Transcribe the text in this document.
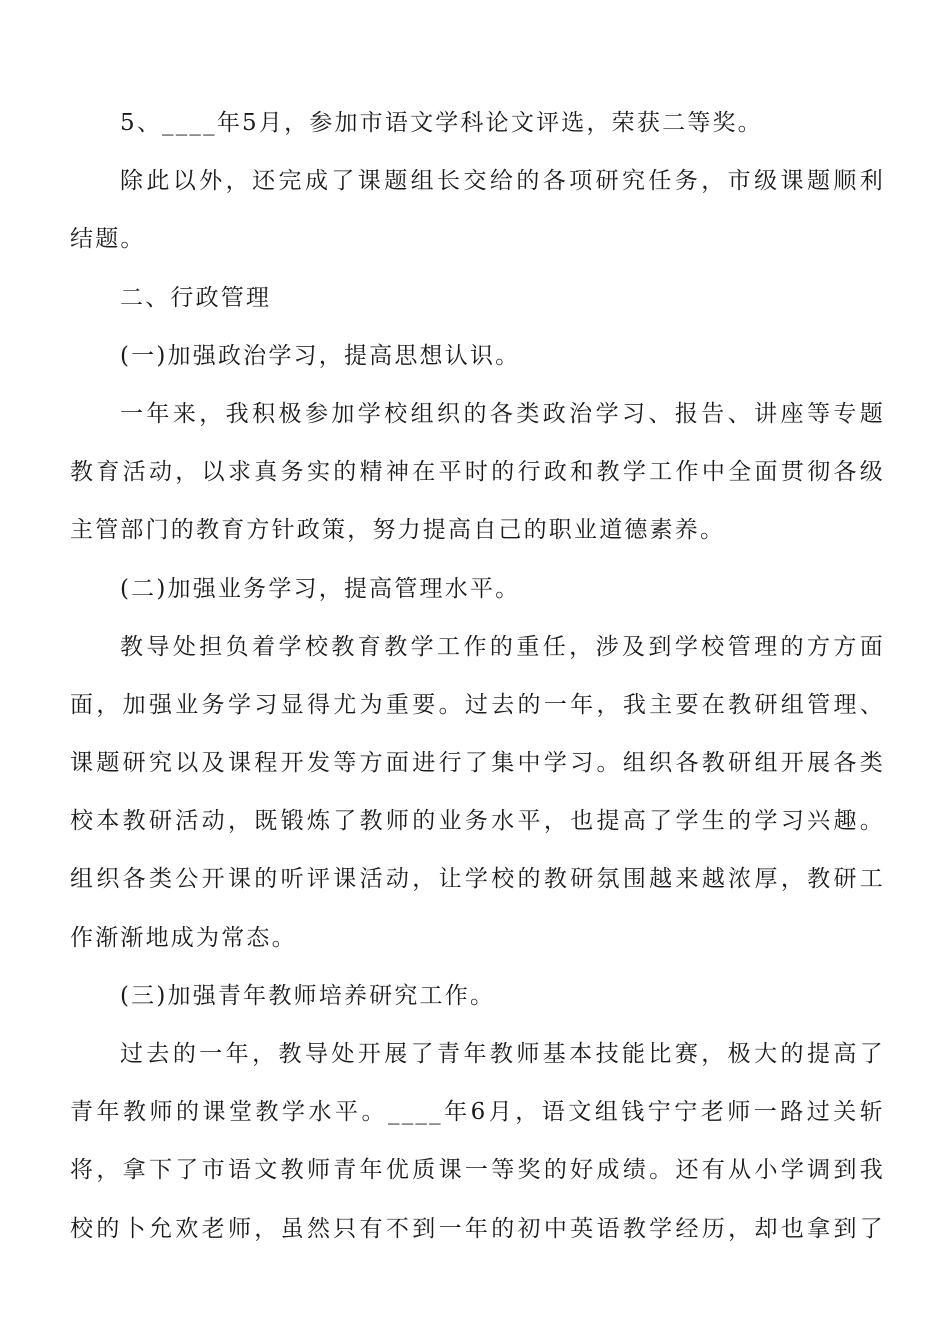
5、____年5月，参加市语文学科论文评选，荣获二等奖。
除此以外，还完成了课题组长交给的各项研究任务，市级课题顺利
结题。
二、行政管理
(一)加强政治学习，提高思想认识。
一年来，我积极参加学校组织的各类政治学习、报告、讲座等专题
教育活动，以求真务实的精神在平时的行政和教学工作中全面贯彻各级
主管部门的教育方针政策，努力提高自己的职业道德素养。
(二)加强业务学习，提高管理水平。
教导处担负着学校教育教学工作的重任，涉及到学校管理的方方面
面，加强业务学习显得尤为重要。过去的一年，我主要在教研组管理、
课题研究以及课程开发等方面进行了集中学习。组织各教研组开展各类
校本教研活动，既锻炼了教师的业务水平，也提高了学生的学习兴趣。
组织各类公开课的听评课活动，让学校的教研氛围越来越浓厚，教研工
作渐渐地成为常态。
(三)加强青年教师培养研究工作。
过去的一年，教导处开展了青年教师基本技能比赛，极大的提高了
青年教师的课堂教学水平。____年6月，语文组钱宁宁老师一路过关斩
将，拿下了市语文教师青年优质课一等奖的好成绩。还有从小学调到我
校的卜允欢老师，虽然只有不到一年的初中英语教学经历，却也拿到了
